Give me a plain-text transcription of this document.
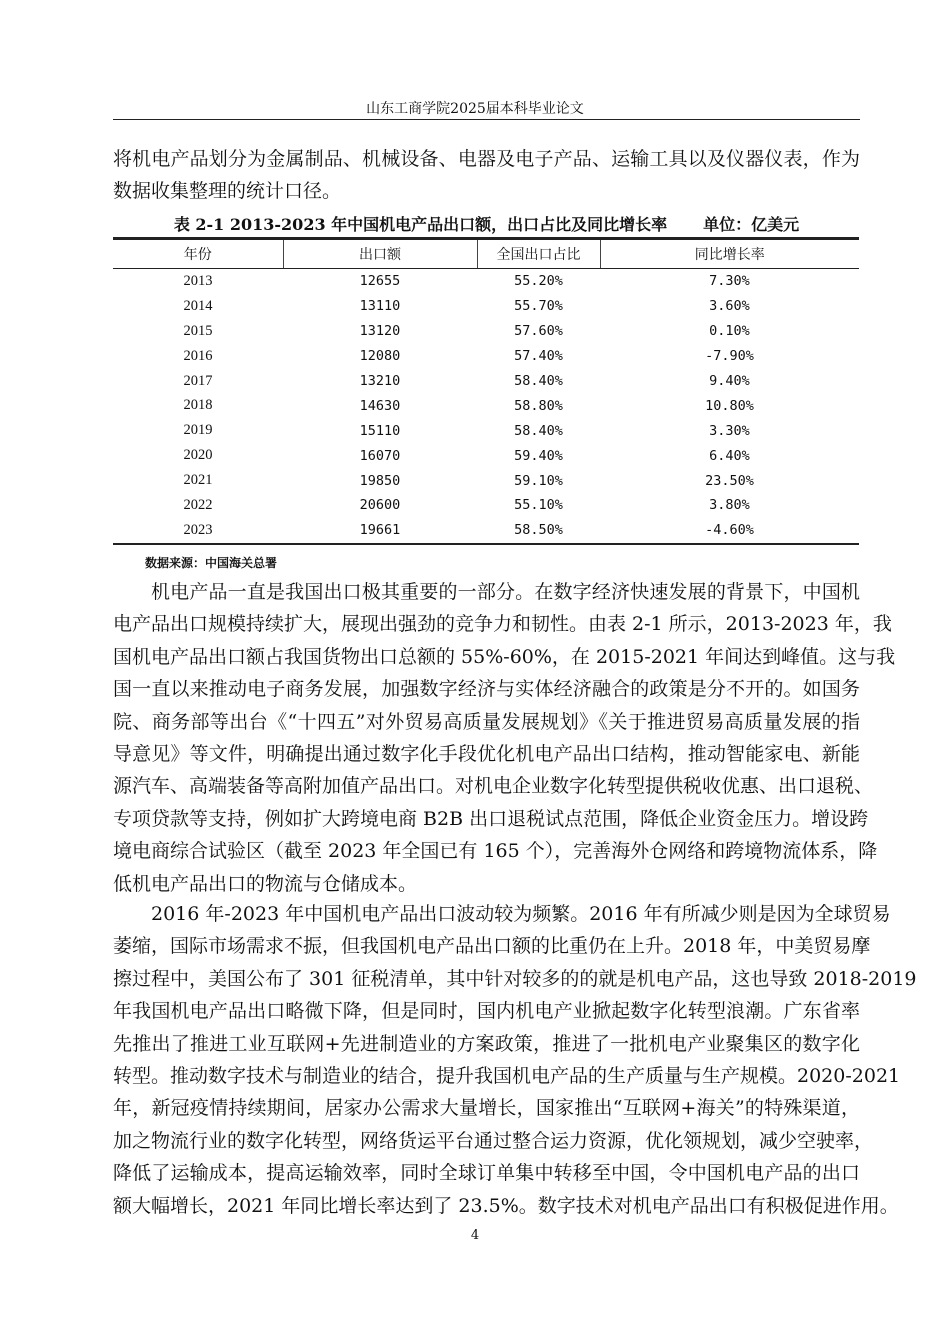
山东工商学院2025届本科毕业论文
将机电产品划分为金属制品、机械设备、电器及电子产品、运输工具以及仪器仪表，作为
数据收集整理的统计口径。
表 2-1 2013-2023 年中国机电产品出口额，出口占比及同比增长率 单位：亿美元
年份	出口额	全国出口占比	同比增长率
2013	12655	55.20%	7.30%
2014	13110	55.70%	3.60%
2015	13120	57.60%	0.10%
2016	12080	57.40%	-7.90%
2017	13210	58.40%	9.40%
2018	14630	58.80%	10.80%
2019	15110	58.40%	3.30%
2020	16070	59.40%	6.40%
2021	19850	59.10%	23.50%
2022	20600	55.10%	3.80%
2023	19661	58.50%	-4.60%
数据来源：中国海关总署
机电产品一直是我国出口极其重要的一部分。在数字经济快速发展的背景下，中国机
电产品出口规模持续扩大，展现出强劲的竞争力和韧性。由表 2-1 所示，2013-2023 年，我
国机电产品出口额占我国货物出口总额的 55%-60%，在 2015-2021 年间达到峰值。这与我
国一直以来推动电子商务发展，加强数字经济与实体经济融合的政策是分不开的。如国务
院、商务部等出台《“十四五”对外贸易高质量发展规划》《关于推进贸易高质量发展的指
导意见》等文件，明确提出通过数字化手段优化机电产品出口结构，推动智能家电、新能
源汽车、高端装备等高附加值产品出口。对机电企业数字化转型提供税收优惠、出口退税、
专项贷款等支持，例如扩大跨境电商 B2B 出口退税试点范围，降低企业资金压力。增设跨
境电商综合试验区（截至 2023 年全国已有 165 个），完善海外仓网络和跨境物流体系，降
低机电产品出口的物流与仓储成本。
2016 年-2023 年中国机电产品出口波动较为频繁。2016 年有所减少则是因为全球贸易
萎缩，国际市场需求不振，但我国机电产品出口额的比重仍在上升。2018 年，中美贸易摩
擦过程中，美国公布了 301 征税清单，其中针对较多的的就是机电产品，这也导致 2018-2019
年我国机电产品出口略微下降，但是同时，国内机电产业掀起数字化转型浪潮。广东省率
先推出了推进工业互联网+先进制造业的方案政策，推进了一批机电产业聚集区的数字化
转型。推动数字技术与制造业的结合，提升我国机电产品的生产质量与生产规模。2020-2021
年，新冠疫情持续期间，居家办公需求大量增长，国家推出“互联网+海关”的特殊渠道，
加之物流行业的数字化转型，网络货运平台通过整合运力资源，优化领规划，减少空驶率，
降低了运输成本，提高运输效率，同时全球订单集中转移至中国，令中国机电产品的出口
额大幅增长，2021 年同比增长率达到了 23.5%。数字技术对机电产品出口有积极促进作用。
4
